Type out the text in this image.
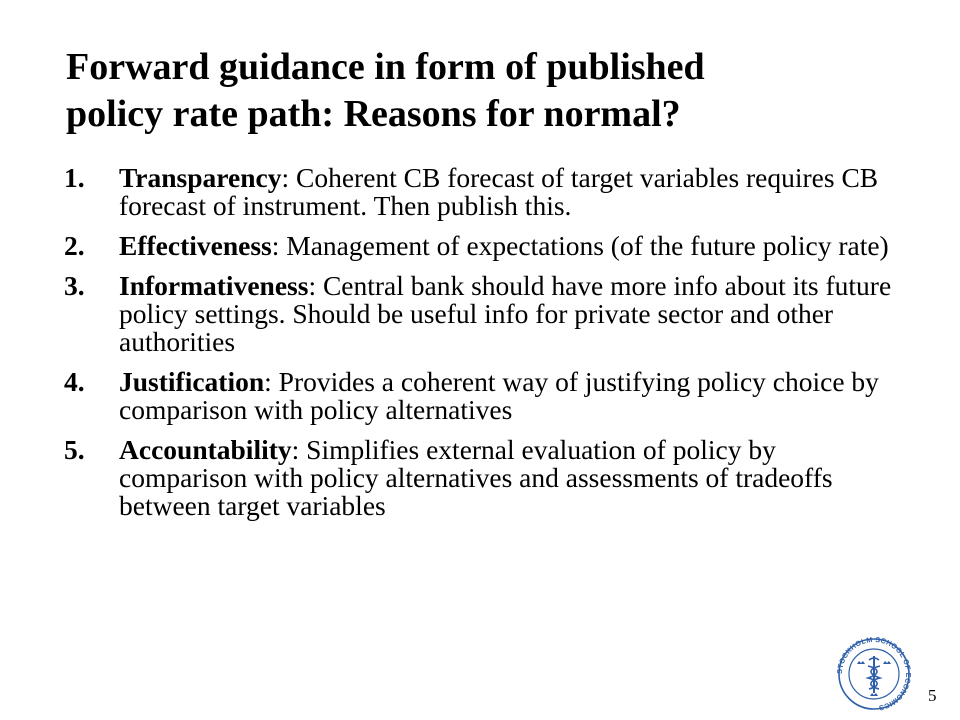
Forward guidance in form of published
policy rate path: Reasons for normal?
1. Transparency: Coherent CB forecast of target variables requires CB forecast of instrument. Then publish this.
2. Effectiveness: Management of expectations (of the future policy rate)
3. Informativeness: Central bank should have more info about its future policy settings. Should be useful info for private sector and other authorities
4. Justification: Provides a coherent way of justifying policy choice by comparison with policy alternatives
5. Accountability: Simplifies external evaluation of policy by comparison with policy alternatives and assessments of tradeoffs between target variables
STOCKHOLM SCHOOL OF ECONOMICS
5
